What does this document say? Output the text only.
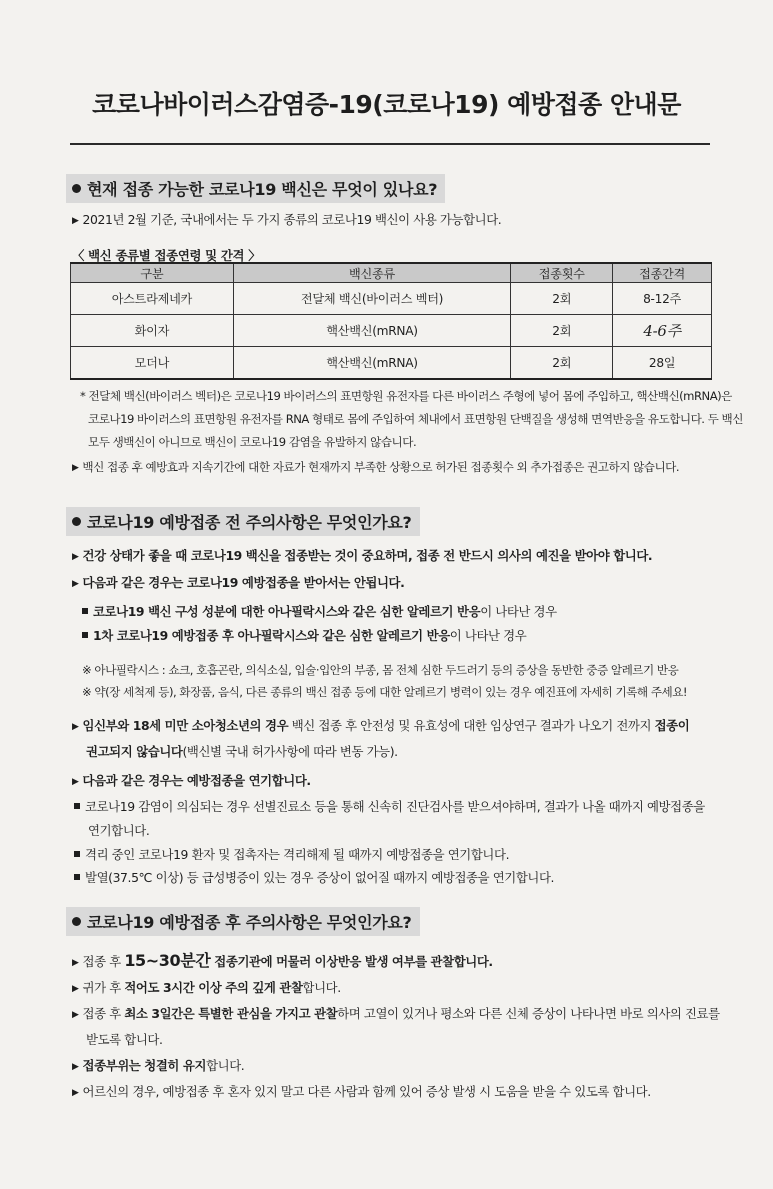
코로나바이러스감염증-19(코로나19) 예방접종 안내문
현재 접종 가능한 코로나19 백신은 무엇이 있나요?
▶ 2021년 2월 기준, 국내에서는 두 가지 종류의 코로나19 백신이 사용 가능합니다.
〈 백신 종류별 접종연령 및 간격 〉
구분	백신종류	접종횟수	접종간격
아스트라제네카	전달체 백신(바이러스 벡터)	2회	8-12주
화이자	핵산백신(mRNA)	2회	4-6주
모더나	핵산백신(mRNA)	2회	28일
* 전달체 백신(바이러스 벡터)은 코로나19 바이러스의 표면항원 유전자를 다른 바이러스 주형에 넣어 몸에 주입하고, 핵산백신(mRNA)은
코로나19 바이러스의 표면항원 유전자를 RNA 형태로 몸에 주입하여 체내에서 표면항원 단백질을 생성해 면역반응을 유도합니다. 두 백신
모두 생백신이 아니므로 백신이 코로나19 감염을 유발하지 않습니다.
▶ 백신 접종 후 예방효과 지속기간에 대한 자료가 현재까지 부족한 상황으로 허가된 접종횟수 외 추가접종은 권고하지 않습니다.
코로나19 예방접종 전 주의사항은 무엇인가요?
▶ 건강 상태가 좋을 때 코로나19 백신을 접종받는 것이 중요하며, 접종 전 반드시 의사의 예진을 받아야 합니다.
▶ 다음과 같은 경우는 코로나19 예방접종을 받아서는 안됩니다.
코로나19 백신 구성 성분에 대한 아나필락시스와 같은 심한 알레르기 반응이 나타난 경우
1차 코로나19 예방접종 후 아나필락시스와 같은 심한 알레르기 반응이 나타난 경우
※ 아나필락시스 : 쇼크, 호흡곤란, 의식소실, 입술·입안의 부종, 몸 전체 심한 두드러기 등의 증상을 동반한 중증 알레르기 반응
※ 약(장 세척제 등), 화장품, 음식, 다른 종류의 백신 접종 등에 대한 알레르기 병력이 있는 경우 예진표에 자세히 기록해 주세요!
▶ 임신부와 18세 미만 소아청소년의 경우 백신 접종 후 안전성 및 유효성에 대한 임상연구 결과가 나오기 전까지 접종이
권고되지 않습니다(백신별 국내 허가사항에 따라 변동 가능).
▶ 다음과 같은 경우는 예방접종을 연기합니다.
코로나19 감염이 의심되는 경우 선별진료소 등을 통해 신속히 진단검사를 받으셔야하며, 결과가 나올 때까지 예방접종을
연기합니다.
격리 중인 코로나19 환자 및 접촉자는 격리해제 될 때까지 예방접종을 연기합니다.
발열(37.5℃ 이상) 등 급성병증이 있는 경우 증상이 없어질 때까지 예방접종을 연기합니다.
코로나19 예방접종 후 주의사항은 무엇인가요?
▶ 접종 후 15~30분간 접종기관에 머물러 이상반응 발생 여부를 관찰합니다.
▶ 귀가 후 적어도 3시간 이상 주의 깊게 관찰합니다.
▶ 접종 후 최소 3일간은 특별한 관심을 가지고 관찰하며 고열이 있거나 평소와 다른 신체 증상이 나타나면 바로 의사의 진료를
받도록 합니다.
▶ 접종부위는 청결히 유지합니다.
▶ 어르신의 경우, 예방접종 후 혼자 있지 말고 다른 사람과 함께 있어 증상 발생 시 도움을 받을 수 있도록 합니다.
